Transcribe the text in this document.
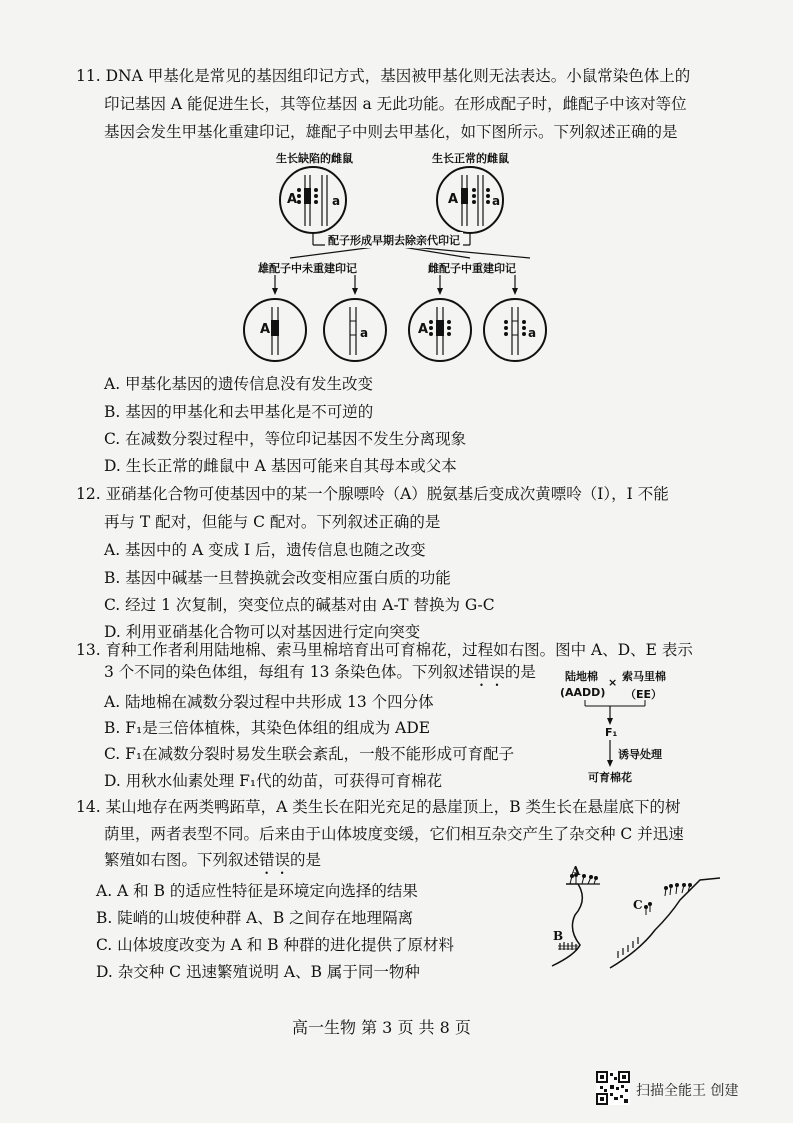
11. DNA 甲基化是常见的基因组印记方式，基因被甲基化则无法表达。小鼠常染色体上的
印记基因 A 能促进生长，其等位基因 a 无此功能。在形成配子时，雌配子中该对等位
基因会发生甲基化重建印记，雄配子中则去甲基化，如下图所示。下列叙述正确的是
生长缺陷的雌鼠	生长正常的雌鼠
A	a	A	a
配子形成早期去除亲代印记
雄配子中未重建印记	雌配子中重建印记
A	a	A	a
A. 甲基化基因的遗传信息没有发生改变
B. 基因的甲基化和去甲基化是不可逆的
C. 在减数分裂过程中，等位印记基因不发生分离现象
D. 生长正常的雌鼠中 A 基因可能来自其母本或父本
12. 亚硝基化合物可使基因中的某一个腺嘌呤（A）脱氨基后变成次黄嘌呤（I），I 不能
再与 T 配对，但能与 C 配对。下列叙述正确的是
A. 基因中的 A 变成 I 后，遗传信息也随之改变
B. 基因中碱基一旦替换就会改变相应蛋白质的功能
C. 经过 1 次复制，突变位点的碱基对由 A-T 替换为 G-C
D. 利用亚硝基化合物可以对基因进行定向突变
13. 育种工作者利用陆地棉、索马里棉培育出可育棉花，过程如右图。图中 A、D、E 表示
3 个不同的染色体组，每组有 13 条染色体。下列叙述错误的是
A. 陆地棉在减数分裂过程中共形成 13 个四分体
B. F₁是三倍体植株，其染色体组的组成为 ADE
C. F₁在减数分裂时易发生联会紊乱，一般不能形成可育配子
D. 用秋水仙素处理 F₁代的幼苗，可获得可育棉花
陆地棉
(AADD)
× 索马里棉
（EE）
F₁
诱导处理
可育棉花
14. 某山地存在两类鸭跖草，A 类生长在阳光充足的悬崖顶上，B 类生长在悬崖底下的树
荫里，两者表型不同。后来由于山体坡度变缓，它们相互杂交产生了杂交种 C 并迅速
繁殖如右图。下列叙述错误的是
A. A 和 B 的适应性特征是环境定向选择的结果
B. 陡峭的山坡使种群 A、B 之间存在地理隔离
C. 山体坡度改变为 A 和 B 种群的进化提供了原材料
D. 杂交种 C 迅速繁殖说明 A、B 属于同一物种
A
B
C
高一生物 第 3 页 共 8 页
扫描全能王 创建
